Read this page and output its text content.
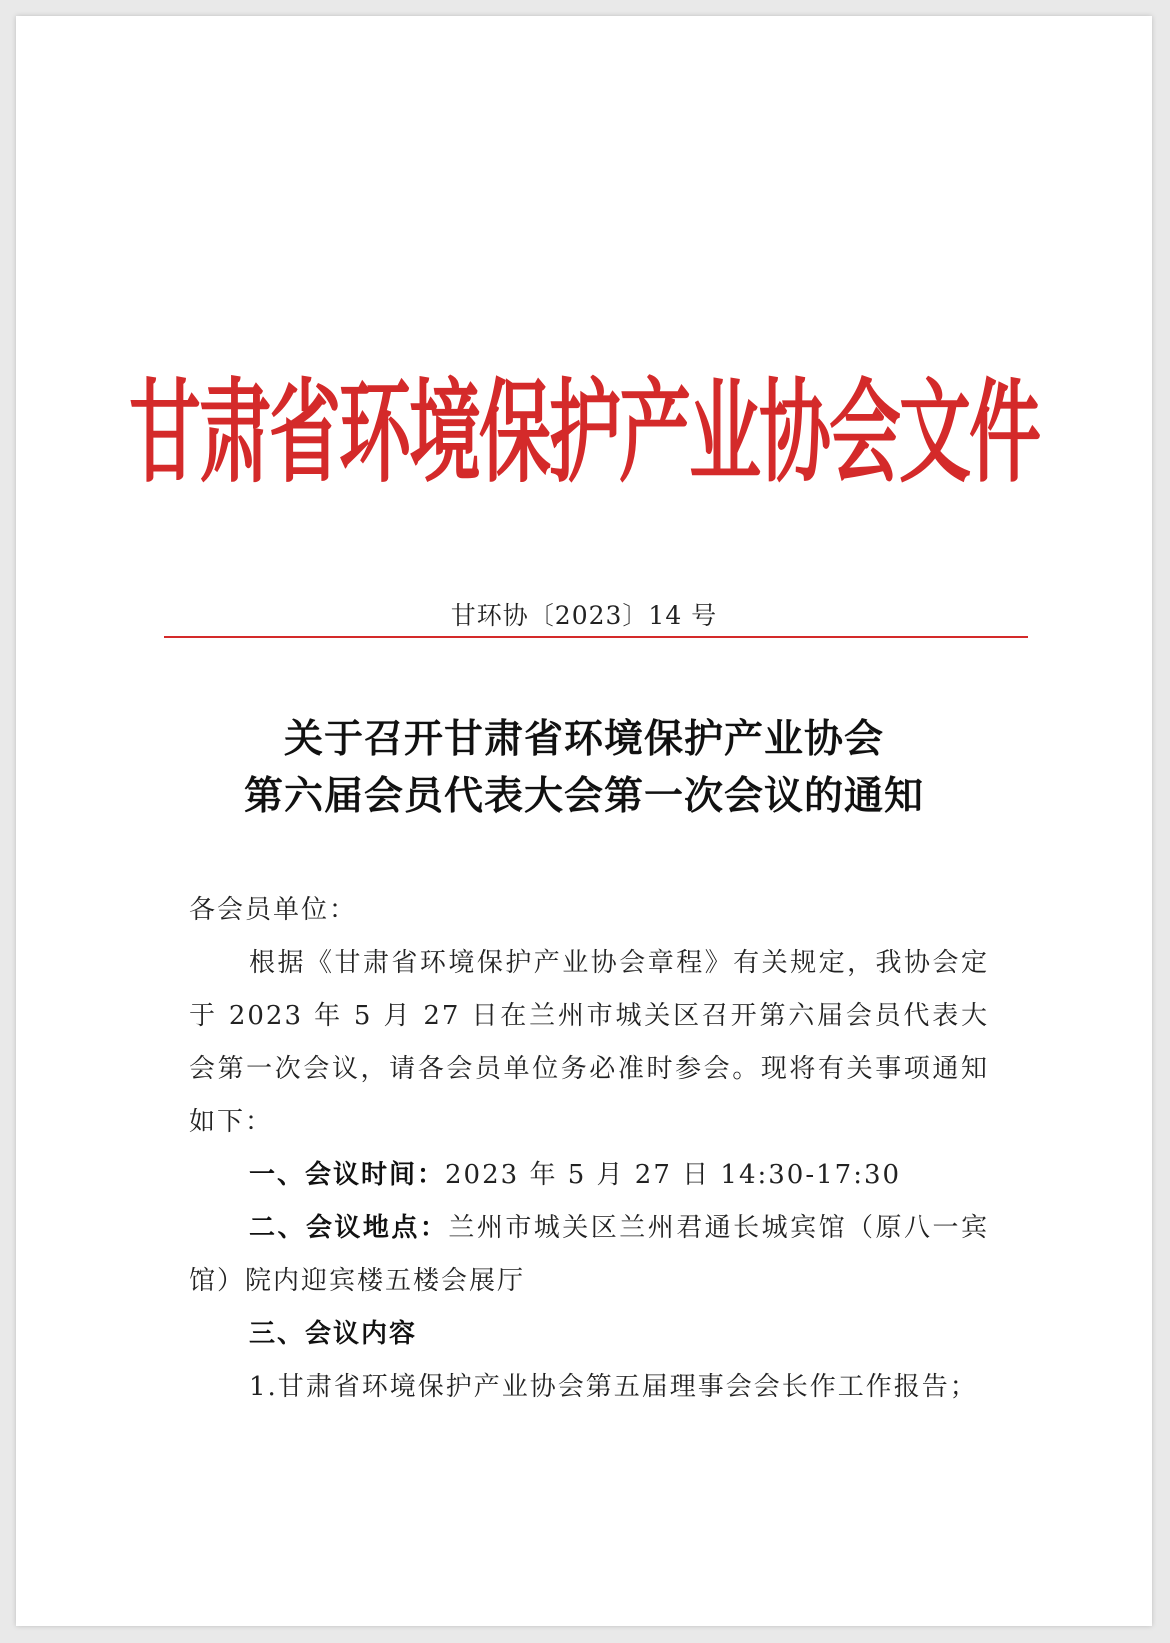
甘肃省环境保护产业协会文件
甘环协〔2023〕14 号
关于召开甘肃省环境保护产业协会
第六届会员代表大会第一次会议的通知

各会员单位：

根据《甘肃省环境保护产业协会章程》有关规定，我协会定于 2023 年 5 月 27 日在兰州市城关区召开第六届会员代表大会第一次会议，请各会员单位务必准时参会。现将有关事项通知如下：

一、会议时间：2023 年 5 月 27 日 14:30-17:30

二、会议地点：兰州市城关区兰州君通长城宾馆（原八一宾馆）院内迎宾楼五楼会展厅

三、会议内容

1.甘肃省环境保护产业协会第五届理事会会长作工作报告；
